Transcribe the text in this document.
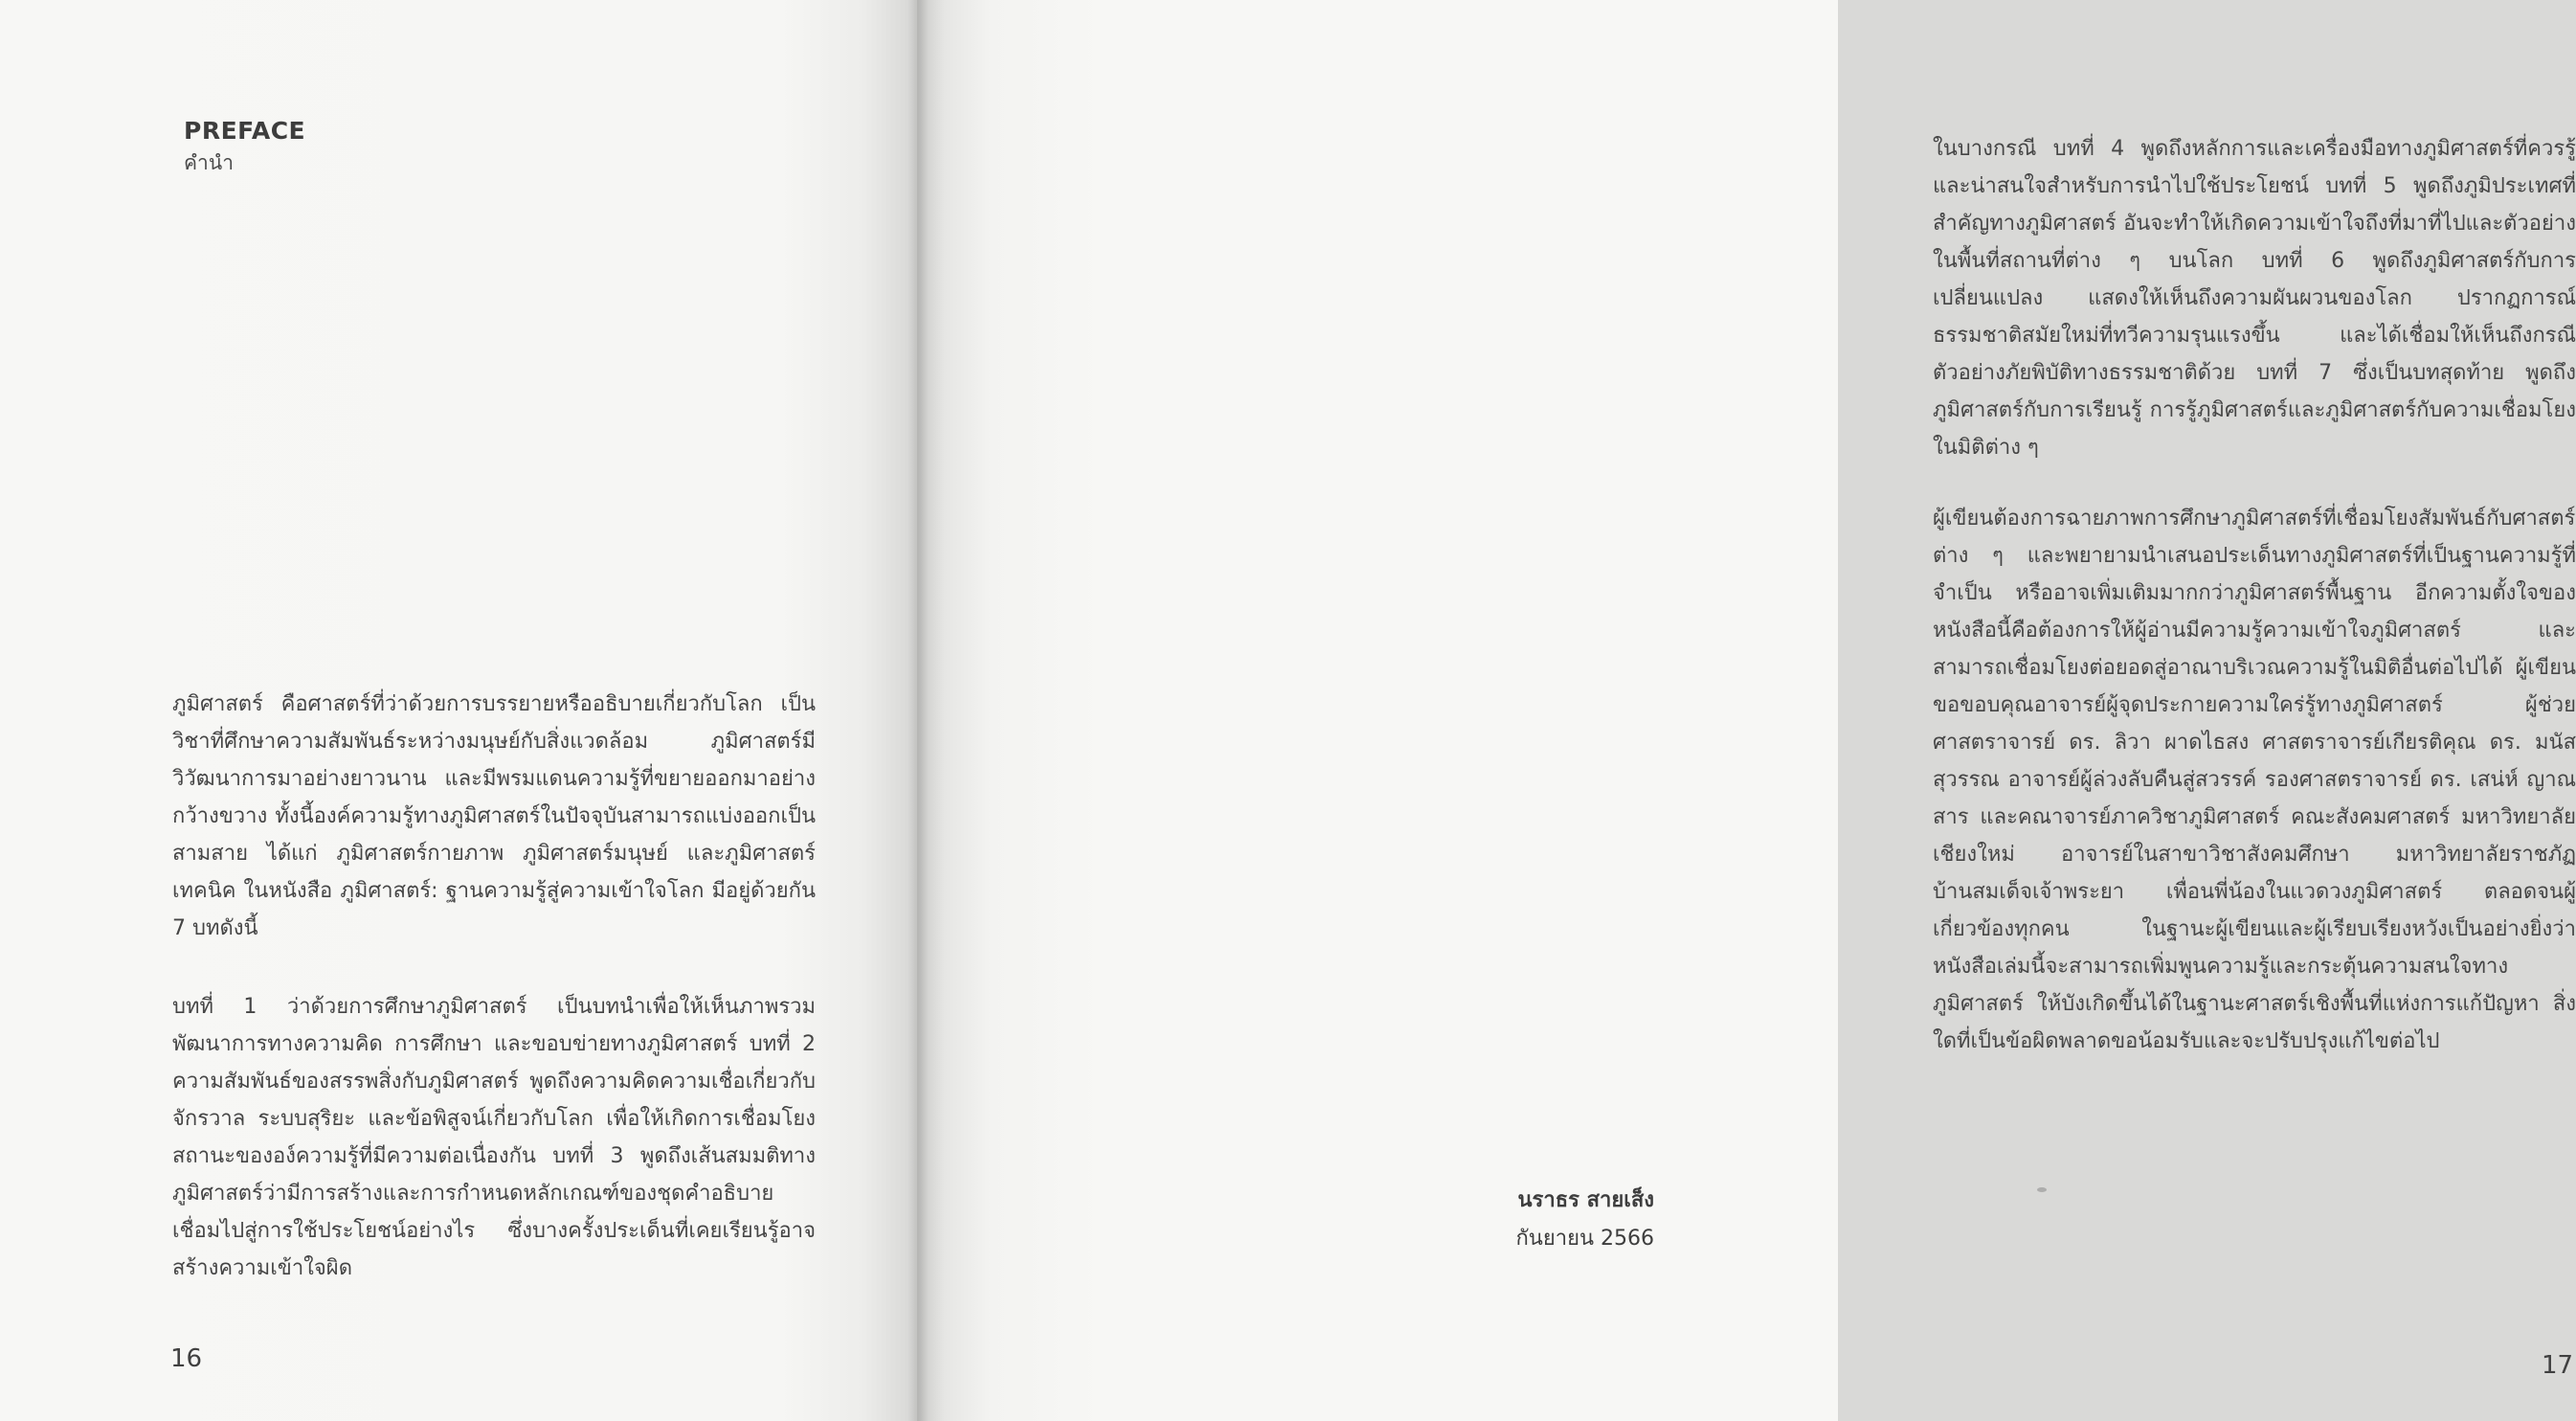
PREFACE
คำนำ

ภูมิศาสตร์ คือศาสตร์ที่ว่าด้วยการบรรยายหรืออธิบายเกี่ยวกับโลก เป็นวิชาที่ศึกษาความสัมพันธ์ระหว่างมนุษย์กับสิ่งแวดล้อม ภูมิศาสตร์มีวิวัฒนาการมาอย่างยาวนาน และมีพรมแดนความรู้ที่ขยายออกมาอย่างกว้างขวาง ทั้งนี้องค์ความรู้ทางภูมิศาสตร์ในปัจจุบันสามารถแบ่งออกเป็นสามสาย ได้แก่ ภูมิศาสตร์กายภาพ ภูมิศาสตร์มนุษย์ และภูมิศาสตร์เทคนิค ในหนังสือ ภูมิศาสตร์: ฐานความรู้สู่ความเข้าใจโลก มีอยู่ด้วยกัน 7 บทดังนี้

บทที่ 1 ว่าด้วยการศึกษาภูมิศาสตร์ เป็นบทนำเพื่อให้เห็นภาพรวมพัฒนาการทางความคิด การศึกษา และขอบข่ายทางภูมิศาสตร์ บทที่ 2 ความสัมพันธ์ของสรรพสิ่งกับภูมิศาสตร์ พูดถึงความคิดความเชื่อเกี่ยวกับจักรวาล ระบบสุริยะ และข้อพิสูจน์เกี่ยวกับโลก เพื่อให้เกิดการเชื่อมโยงสถานะขององ์ความรู้ที่มีความต่อเนื่องกัน บทที่ 3 พูดถึงเส้นสมมติทางภูมิศาสตร์ว่ามีการสร้างและการกำหนดหลักเกณฑ์ของชุดคำอธิบายเชื่อมไปสู่การใช้ประโยชน์อย่างไร ซึ่งบางครั้งประเด็นที่เคยเรียนรู้อาจสร้างความเข้าใจผิด

16

ในบางกรณี บทที่ 4 พูดถึงหลักการและเครื่องมือทางภูมิศาสตร์ที่ควรรู้และน่าสนใจสำหรับการนำไปใช้ประโยชน์ บทที่ 5 พูดถึงภูมิประเทศที่สำคัญทางภูมิศาสตร์ อันจะทำให้เกิดความเข้าใจถึงที่มาที่ไปและตัวอย่างในพื้นที่สถานที่ต่าง ๆ บนโลก บทที่ 6 พูดถึงภูมิศาสตร์กับการเปลี่ยนแปลง แสดงให้เห็นถึงความผันผวนของโลก ปรากฏการณ์ธรรมชาติสมัยใหม่ที่ทวีความรุนแรงขึ้น และได้เชื่อมให้เห็นถึงกรณีตัวอย่างภัยพิบัติทางธรรมชาติด้วย บทที่ 7 ซึ่งเป็นบทสุดท้าย พูดถึงภูมิศาสตร์กับการเรียนรู้ การรู้ภูมิศาสตร์และภูมิศาสตร์กับความเชื่อมโยงในมิติต่าง ๆ

ผู้เขียนต้องการฉายภาพการศึกษาภูมิศาสตร์ที่เชื่อมโยงสัมพันธ์กับศาสตร์ต่าง ๆ และพยายามนำเสนอประเด็นทางภูมิศาสตร์ที่เป็นฐานความรู้ที่จำเป็น หรืออาจเพิ่มเติมมากกว่าภูมิศาสตร์พื้นฐาน อีกความตั้งใจของหนังสือนี้คือต้องการให้ผู้อ่านมีความรู้ความเข้าใจภูมิศาสตร์ และสามารถเชื่อมโยงต่อยอดสู่อาณาบริเวณความรู้ในมิติอื่นต่อไปได้ ผู้เขียนขอขอบคุณอาจารย์ผู้จุดประกายความใคร่รู้ทางภูมิศาสตร์ ผู้ช่วยศาสตราจารย์ ดร. ลิวา ผาดไธสง ศาสตราจารย์เกียรติคุณ ดร. มนัส สุวรรณ อาจารย์ผู้ล่วงลับคืนสู่สวรรค์ รองศาสตราจารย์ ดร. เสน่ห์ ญาณสาร และคณาจารย์ภาควิชาภูมิศาสตร์ คณะสังคมศาสตร์ มหาวิทยาลัยเชียงใหม่ อาจารย์ในสาขาวิชาสังคมศึกษา มหาวิทยาลัยราชภัฏบ้านสมเด็จเจ้าพระยา เพื่อนพี่น้องในแวดวงภูมิศาสตร์ ตลอดจนผู้เกี่ยวข้องทุกคน ในฐานะผู้เขียนและผู้เรียบเรียงหวังเป็นอย่างยิ่งว่า หนังสือเล่มนี้จะสามารถเพิ่มพูนความรู้และกระตุ้นความสนใจทางภูมิศาสตร์ ให้บังเกิดขึ้นได้ในฐานะศาสตร์เชิงพื้นที่แห่งการแก้ปัญหา สิ่งใดที่เป็นข้อผิดพลาดขอน้อมรับและจะปรับปรุงแก้ไขต่อไป

นราธร สายเส็ง
กันยายน 2566
17
